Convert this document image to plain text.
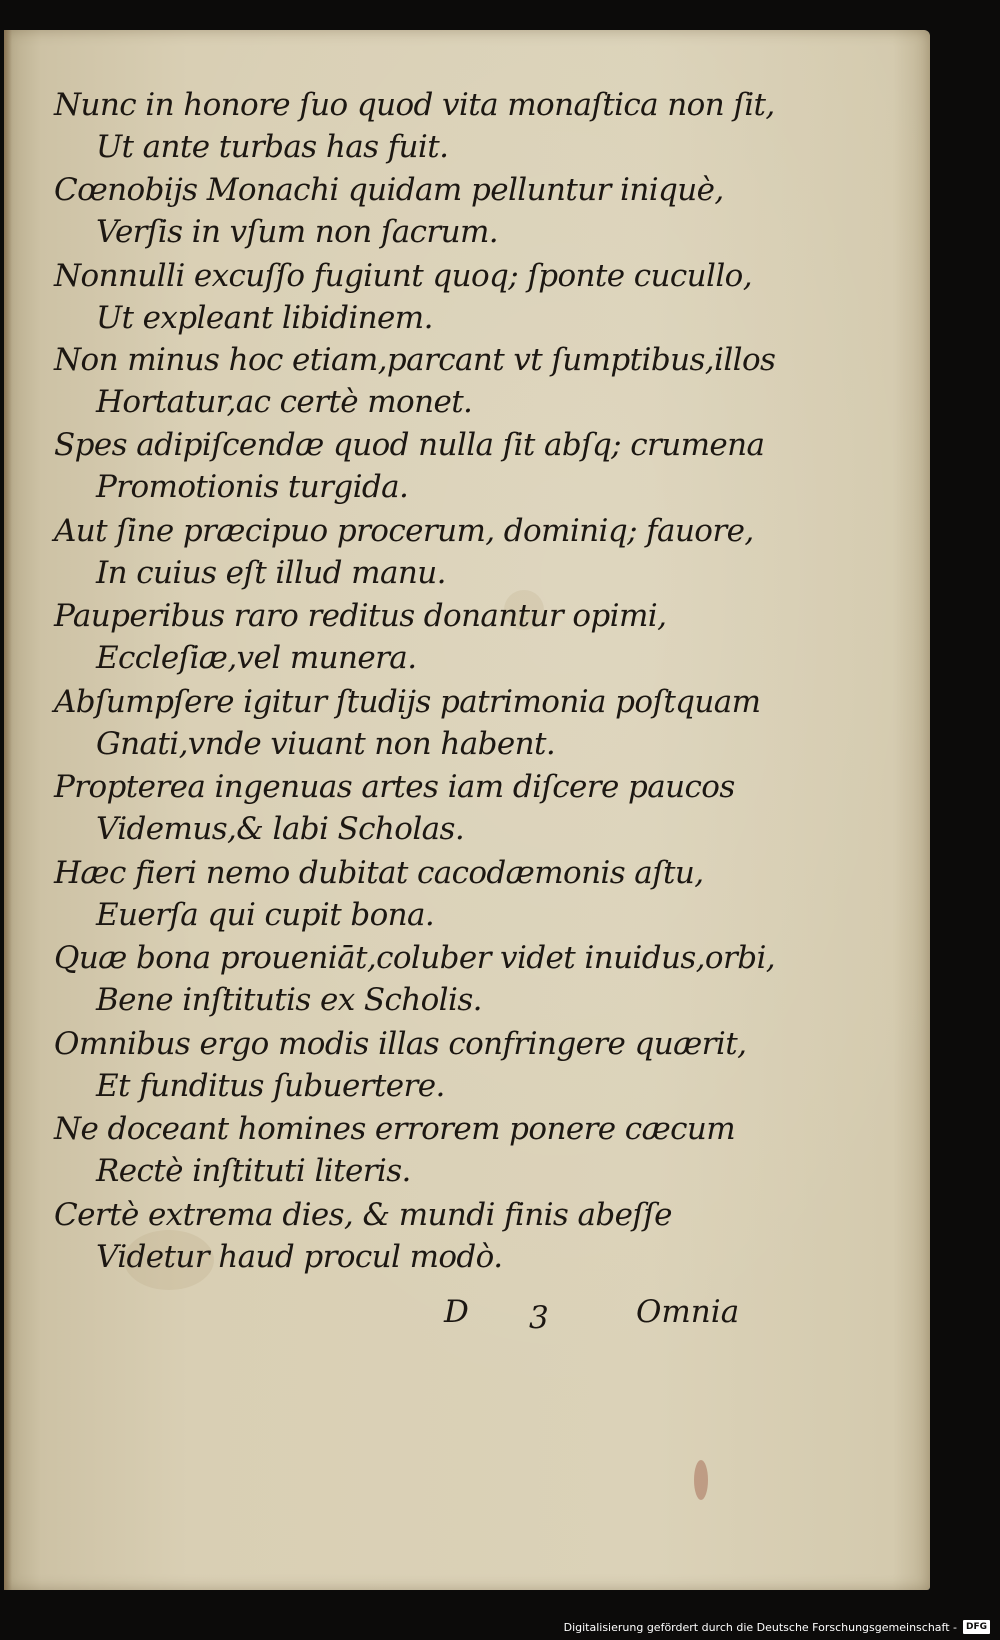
Nunc in honore ſuo quod vita monaſtica non ſit,

Ut ante turbas has fuit.

Cœnobijs Monachi quidam pelluntur iniquè,

Verſis in vſum non ſacrum.

Nonnulli excuſſo fugiunt quoq; ſponte cucullo,

Ut expleant libidinem.

Non minus hoc etiam,parcant vt ſumptibus,illos

Hortatur,ac certè monet.

Spes adipiſcendæ quod nulla ſit abſq; crumena

Promotionis turgida.

Aut ſine præcipuo procerum, dominiq; fauore,

In cuius eſt illud manu.

Pauperibus raro reditus donantur opimi,

Eccleſiæ,vel munera.

Abſumpſere igitur ſtudijs patrimonia poſtquam

Gnati,vnde viuant non habent.

Propterea ingenuas artes iam diſcere paucos

Videmus,& labi Scholas.

Hæc fieri nemo dubitat cacodæmonis aſtu,

Euerſa qui cupit bona.

Quæ bona proueniāt,coluber videt inuidus,orbi,

Bene inſtitutis ex Scholis.

Omnibus ergo modis illas confringere quærit,

Et funditus ſubuertere.

Ne doceant homines errorem ponere cæcum

Rectè inſtituti literis.

Certè extrema dies, & mundi finis abeſſe

Videtur haud procul modò.

D 3	Omnia

Digitalisierung gefördert durch die Deutsche Forschungsgemeinschaft -	DFG
